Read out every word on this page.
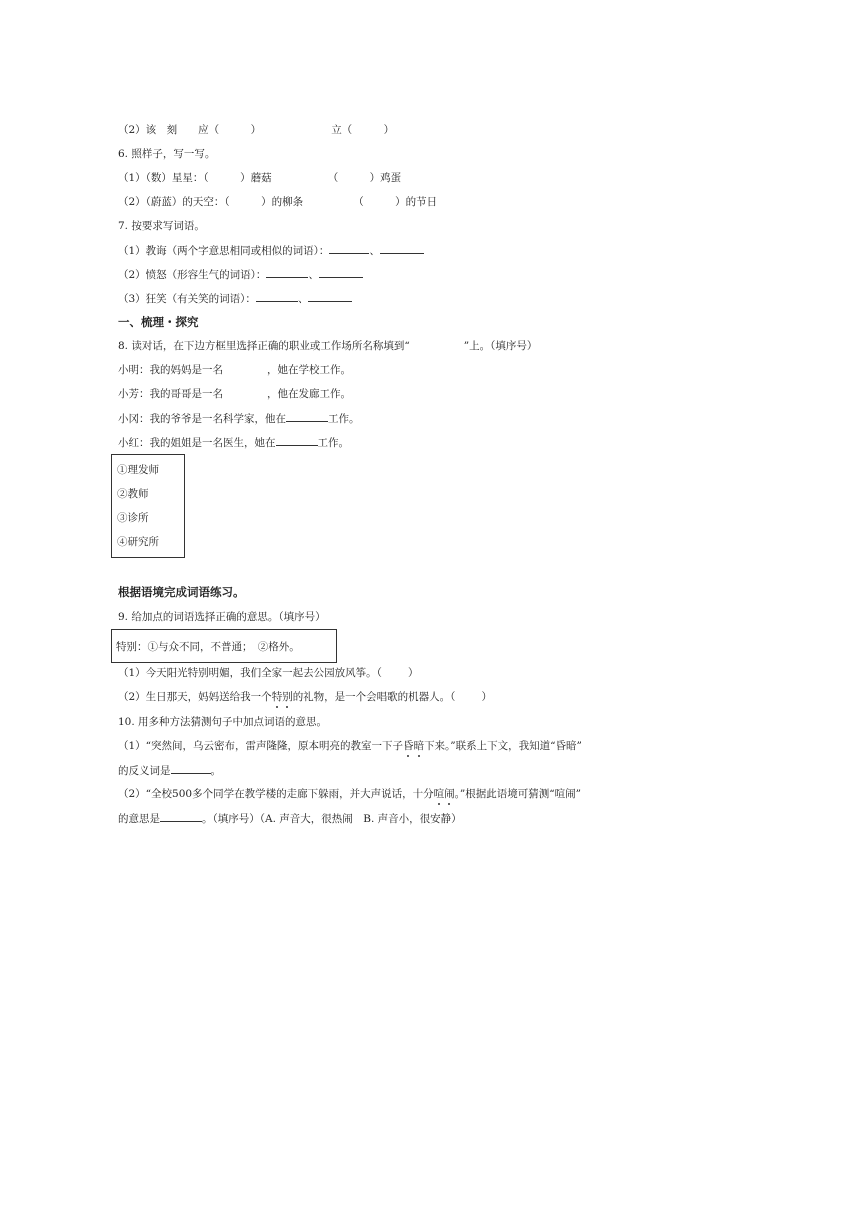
（2）该　刻　　应（　　　）	立（　　　）
6. 照样子，写一写。
（1）（数）星星：（　　　）蘑菇	（　　　）鸡蛋
（2）（蔚蓝）的天空：（　　　）的柳条	（　　　）的节日
7. 按要求写词语。
（1）教诲（两个字意思相同或相似的词语）：	、
（2）愤怒（形容生气的词语）：	、
（3）狂笑（有关笑的词语）：	、
一、梳理・探究
8. 读对话，在下边方框里选择正确的职业或工作场所名称填到“	”上。（填序号）
小明：我的妈妈是一名	，她在学校工作。
小芳：我的哥哥是一名	，他在发廊工作。
小冈：我的爷爷是一名科学家，他在	工作。
小红：我的姐姐是一名医生，她在	工作。
①理发师
②教师
③诊所
④研究所
根据语境完成词语练习。
9. 给加点的词语选择正确的意思。（填序号）
特别：①与众不同，不普通；　②格外。
（1）今天阳光特别明媚，我们全家一起去公园放风筝。（ ）
（2）生日那天，妈妈送给我一个特别的礼物，是一个会唱歌的机器人。（ ）
10. 用多种方法猜测句子中加点词语的意思。
（1）“突然间，乌云密布，雷声隆隆，原本明亮的教室一下子昏暗下来。”联系上下文，我知道“昏暗”
的反义词是	。
（2）“全校500多个同学在教学楼的走廊下躲雨，并大声说话，十分喧闹。”根据此语境可猜测“喧闹”
的意思是	。（填序号）（A. 声音大，很热闹　B. 声音小，很安静）
